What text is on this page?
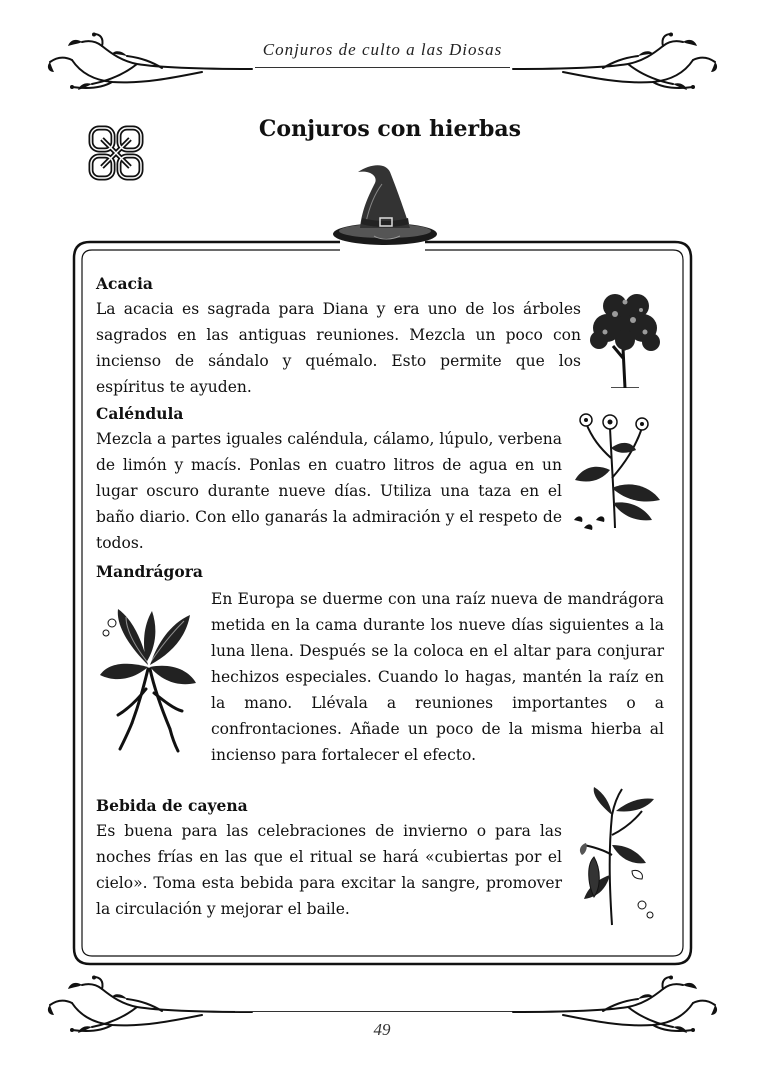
Conjuros de culto a las Diosas
Conjuros con hierbas
Acacia

La acacia es sagrada para Diana y era uno de los árboles sagrados en las antiguas reuniones. Mezcla un poco con incienso de sándalo y quémalo. Esto permite que los espíritus te ayuden.

Caléndula

Mezcla a partes iguales caléndula, cálamo, lúpulo, verbena de limón y macís. Ponlas en cuatro litros de agua en un lugar oscuro durante nueve días. Utiliza una taza en el baño diario. Con ello ganarás la admiración y el respeto de todos.

Mandrágora

En Europa se duerme con una raíz nueva de mandrágora metida en la cama durante los nueve días siguientes a la luna llena. Después se la coloca en el altar para conjurar hechizos especiales. Cuando lo hagas, mantén la raíz en la mano. Llévala a reuniones importantes o a confrontaciones. Añade un poco de la misma hierba al incienso para fortalecer el efecto.

Bebida de cayena

Es buena para las celebraciones de invierno o para las noches frías en las que el ritual se hará «cubiertas por el cielo». Toma esta bebida para excitar la sangre, promover la circulación y mejorar el baile.

49
